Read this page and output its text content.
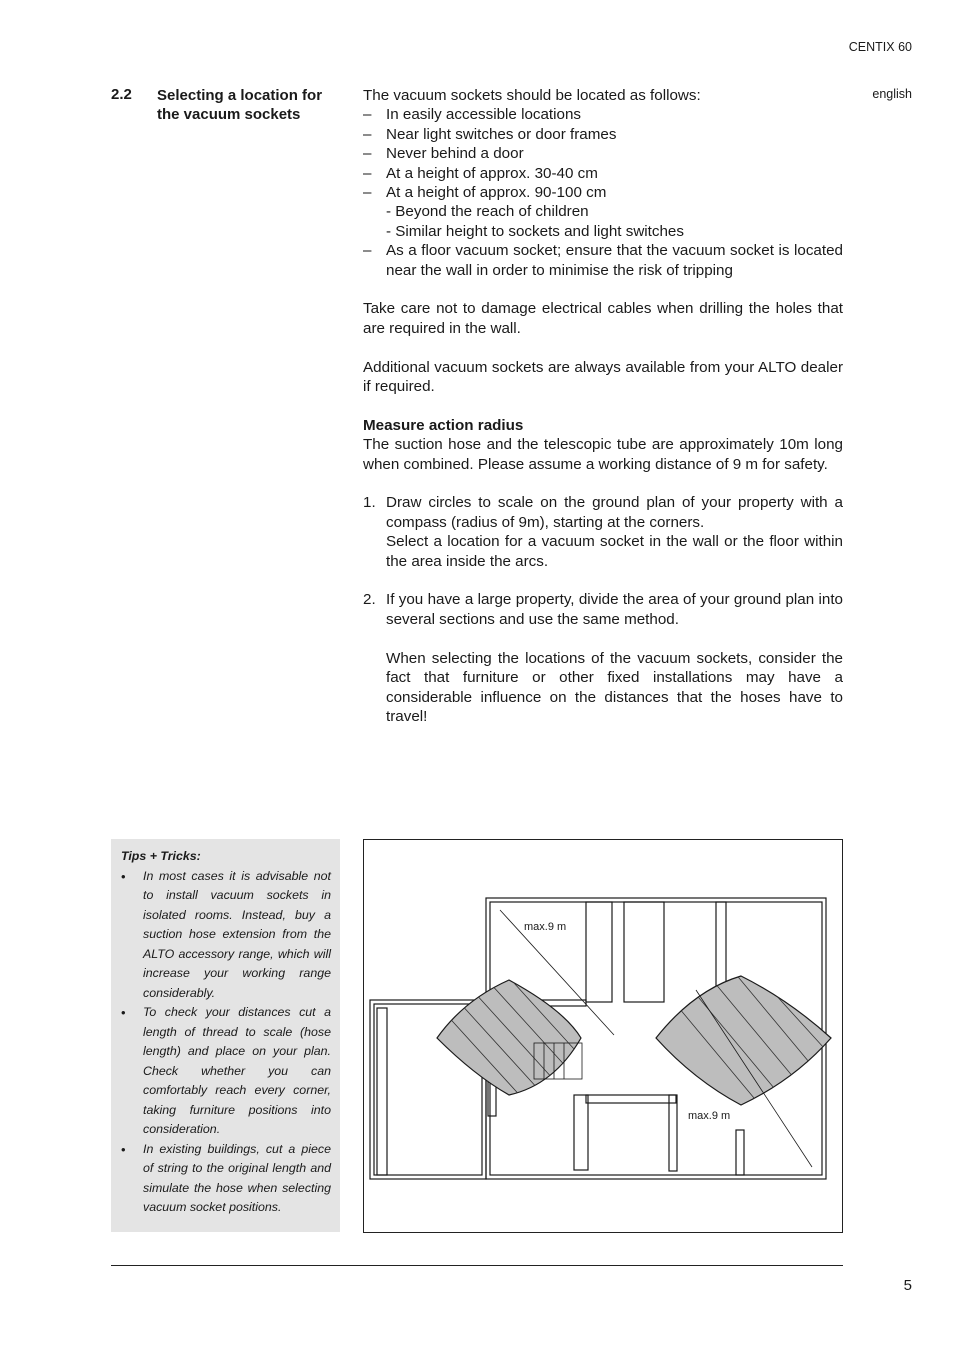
CENTIX 60
english
2.2 Selecting a location for the vacuum sockets

The vacuum sockets should be located as follows:

– In easily accessible locations
– Near light switches or door frames
– Never behind a door
– At a height of approx. 30-40 cm
– At a height of approx. 90-100 cm
- Beyond the reach of children
- Similar height to sockets and light switches
– As a floor vacuum socket; ensure that the vacuum socket is located near the wall in order to minimise the risk of tripping

Take care not to damage electrical cables when drilling the holes that are required in the wall.

Additional vacuum sockets are always available from your ALTO dealer if required.

Measure action radius

The suction hose and the telescopic tube are approximately 10m long when combined. Please assume a working distance of 9 m for safety.

1. Draw circles to scale on the ground plan of your property with a compass (radius of 9m), starting at the corners.
Select a location for a vacuum socket in the wall or the floor within the area inside the arcs.
2. If you have a large property, divide the area of your ground plan into several sections and use the same method.
When selecting the locations of the vacuum sockets, consider the fact that furniture or other fixed installations may have a considerable influence on the distances that the hoses have to travel!
Tips + Tricks:
• In most cases it is advisable not to install vacuum sockets in isolated rooms. Instead, buy a suction hose extension from the ALTO accessory range, which will increase your working range considerably.
• To check your distances cut a length of thread to scale (hose length) and place on your plan. Check whether you can comfortably reach every corner, taking furniture positions into consideration.
• In existing buildings, cut a piece of string to the original length and simulate the hose when selecting vacuum socket positions.
max.9 m
max.9 m
5
